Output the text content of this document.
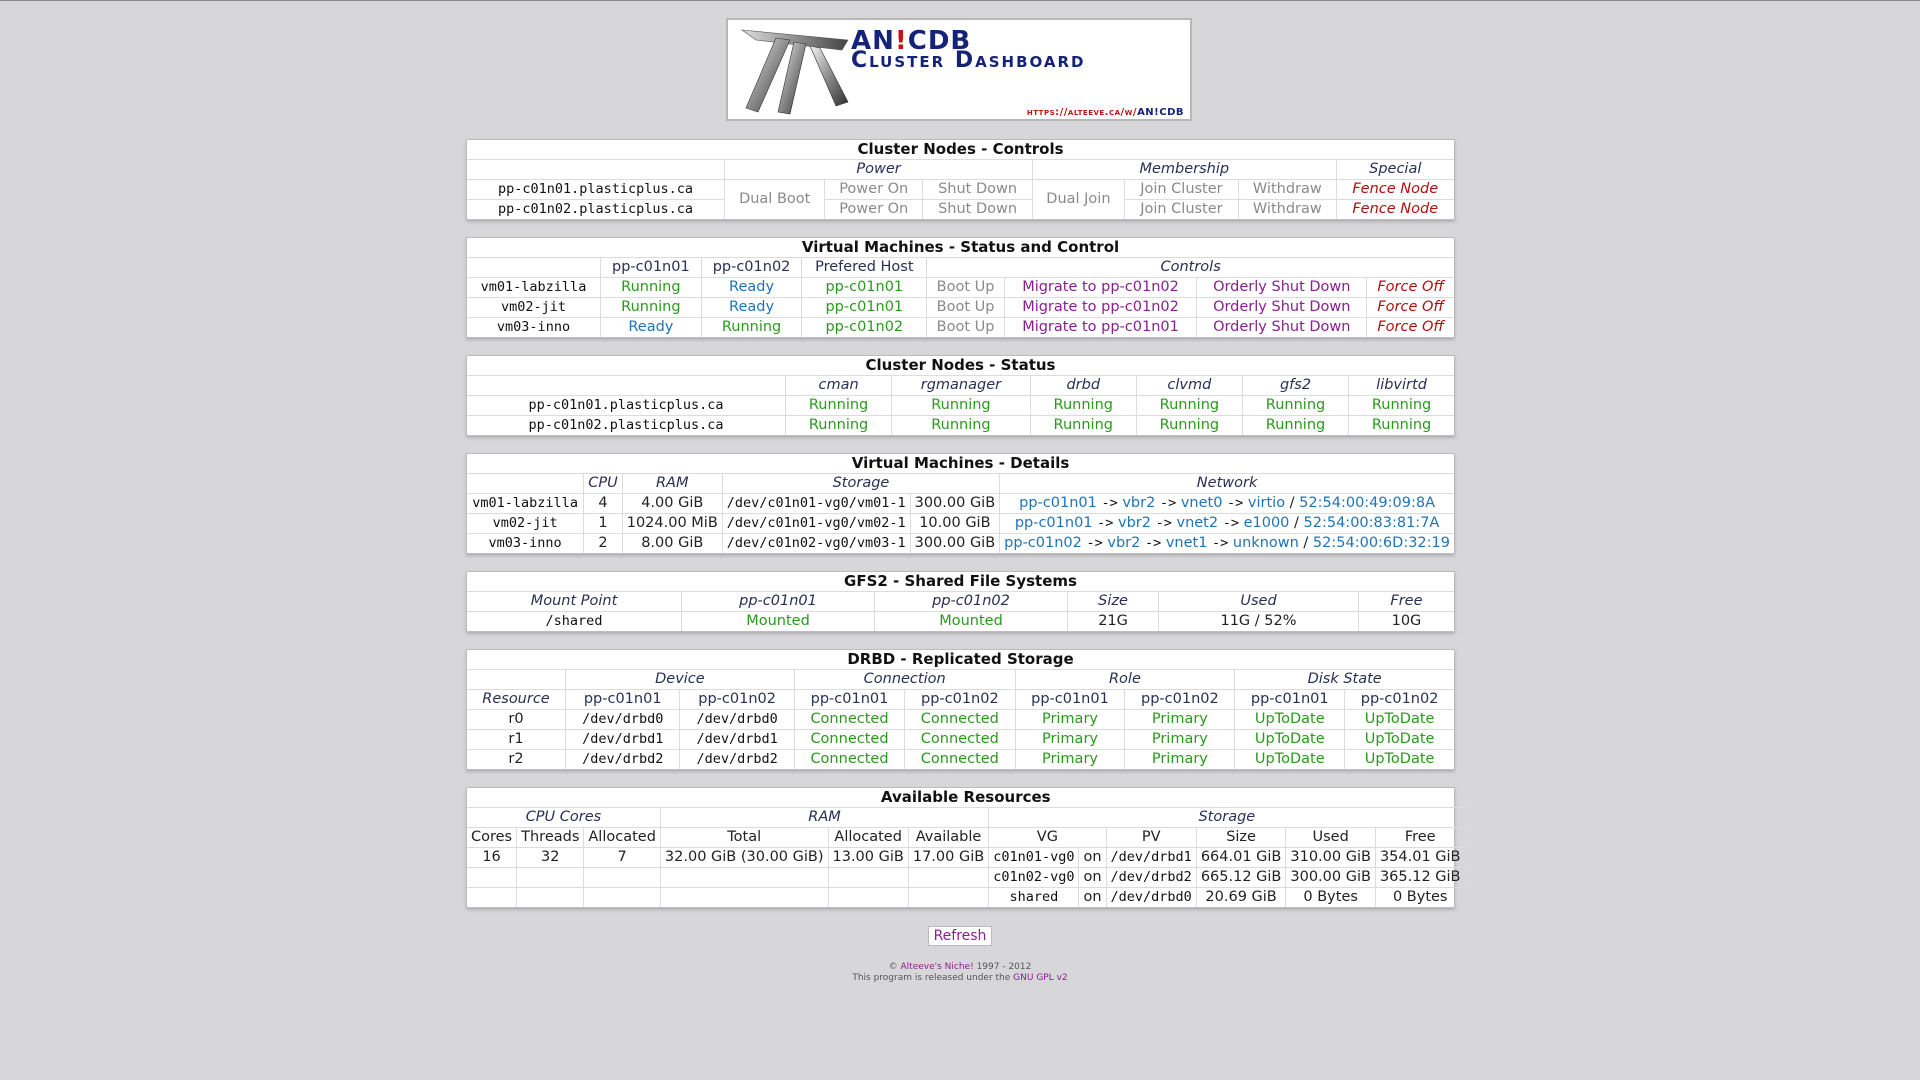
AN!CDB
Cluster Dashboard
https://alteeve.ca/w/AN!CDB
Cluster Nodes - Controls							
	Power			Membership			Special
pp-c01n01.plasticplus.ca	Dual Boot	Power On	Shut Down	Dual Join	Join Cluster	Withdraw	Fence Node
pp-c01n02.plasticplus.ca		Power On	Shut Down		Join Cluster	Withdraw	Fence Node
Virtual Machines - Status and Control							
	pp-c01n01	pp-c01n02	Prefered Host	Controls			
vm01-labzilla	Running	Ready	pp-c01n01	Boot Up	Migrate to pp-c01n02	Orderly Shut Down	Force Off
vm02-jit	Running	Ready	pp-c01n01	Boot Up	Migrate to pp-c01n02	Orderly Shut Down	Force Off
vm03-inno	Ready	Running	pp-c01n02	Boot Up	Migrate to pp-c01n01	Orderly Shut Down	Force Off
Cluster Nodes - Status						
	cman	rgmanager	drbd	clvmd	gfs2	libvirtd
pp-c01n01.plasticplus.ca	Running	Running	Running	Running	Running	Running
pp-c01n02.plasticplus.ca	Running	Running	Running	Running	Running	Running
Virtual Machines - Details					
	CPU	RAM	Storage		Network
vm01-labzilla	4	4.00 GiB	/dev/c01n01-vg0/vm01-1	300.00 GiB	pp-c01n01 -> vbr2 -> vnet0 -> virtio / 52:54:00:49:09:8A
vm02-jit	1	1024.00 MiB	/dev/c01n01-vg0/vm02-1	10.00 GiB	pp-c01n01 -> vbr2 -> vnet2 -> e1000 / 52:54:00:83:81:7A
vm03-inno	2	8.00 GiB	/dev/c01n02-vg0/vm03-1	300.00 GiB	pp-c01n02 -> vbr2 -> vnet1 -> unknown / 52:54:00:6D:32:19
GFS2 - Shared File Systems					
Mount Point	pp-c01n01	pp-c01n02	Size	Used	Free
/shared	Mounted	Mounted	21G	11G / 52%	10G
DRBD - Replicated Storage								
	Device		Connection		Role		Disk State	
Resource	pp-c01n01	pp-c01n02	pp-c01n01	pp-c01n02	pp-c01n01	pp-c01n02	pp-c01n01	pp-c01n02
r0	/dev/drbd0	/dev/drbd0	Connected	Connected	Primary	Primary	UpToDate	UpToDate
r1	/dev/drbd1	/dev/drbd1	Connected	Connected	Primary	Primary	UpToDate	UpToDate
r2	/dev/drbd2	/dev/drbd2	Connected	Connected	Primary	Primary	UpToDate	UpToDate
Available Resources											
CPU Cores			RAM			Storage					
Cores	Threads	Allocated	Total	Allocated	Available	VG		PV	Size	Used	Free
16	32	7	32.00 GiB (30.00 GiB)	13.00 GiB	17.00 GiB	c01n01-vg0	on	/dev/drbd1	664.01 GiB	310.00 GiB	354.01 GiB
						c01n02-vg0	on	/dev/drbd2	665.12 GiB	300.00 GiB	365.12 GiB
						shared	on	/dev/drbd0	20.69 GiB	0 Bytes	0 Bytes
Refresh
© Alteeve's Niche! 1997 - 2012
This program is released under the GNU GPL v2
